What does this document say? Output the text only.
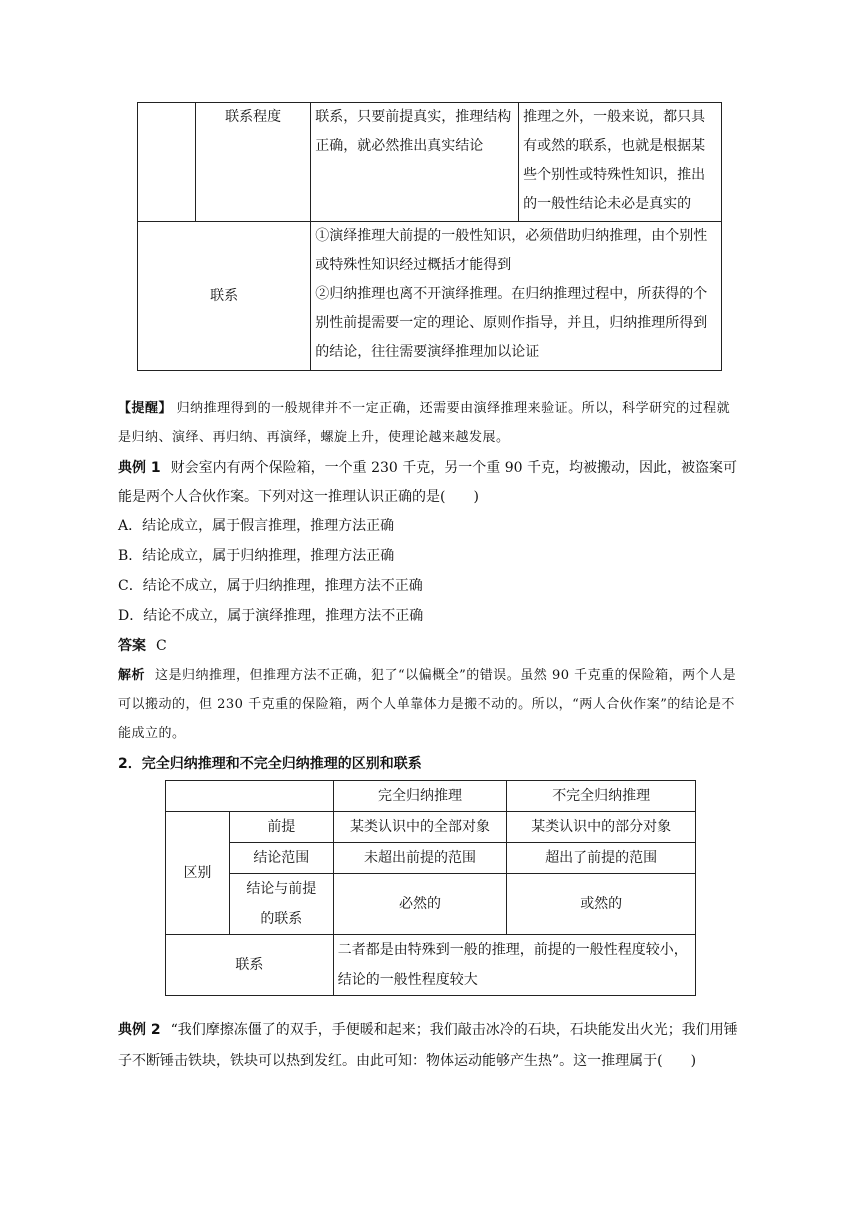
	联系程度	联系，只要前提真实，推理结构正确，就必然推出真实结论	推理之外，一般来说，都只具有或然的联系，也就是根据某些个别性或特殊性知识，推出的一般性结论未必是真实的
联系		①演绎推理大前提的一般性知识，必须借助归纳推理，由个别性或特殊性知识经过概括才能得到
②归纳推理也离不开演绎推理。在归纳推理过程中，所获得的个别性前提需要一定的理论、原则作指导，并且，归纳推理所得到的结论，往往需要演绎推理加以论证	

【提醒】 归纳推理得到的一般规律并不一定正确，还需要由演绎推理来验证。所以，科学研究的过程就是归纳、演绎、再归纳、再演绎，螺旋上升，使理论越来越发展。

典例 1 财会室内有两个保险箱，一个重 230 千克，另一个重 90 千克，均被搬动，因此，被盗案可能是两个人合伙作案。下列对这一推理认识正确的是(　　)

A．结论成立，属于假言推理，推理方法正确

B．结论成立，属于归纳推理，推理方法正确

C．结论不成立，属于归纳推理，推理方法不正确

D．结论不成立，属于演绎推理，推理方法不正确

答案 C

解析 这是归纳推理，但推理方法不正确，犯了“以偏概全”的错误。虽然 90 千克重的保险箱，两个人是可以搬动的，但 230 千克重的保险箱，两个人单靠体力是搬不动的。所以，“两人合伙作案”的结论是不能成立的。

2．完全归纳推理和不完全归纳推理的区别和联系

		完全归纳推理	不完全归纳推理
区别	前提	某类认识中的全部对象	某类认识中的部分对象
	结论范围	未超出前提的范围	超出了前提的范围
	结论与前提的联系	必然的	或然的
联系		二者都是由特殊到一般的推理，前提的一般性程度较小，结论的一般性程度较大	

典例 2 “我们摩擦冻僵了的双手，手便暖和起来；我们敲击冰冷的石块，石块能发出火光；我们用锤子不断锤击铁块，铁块可以热到发红。由此可知：物体运动能够产生热”。这一推理属于(　　)
